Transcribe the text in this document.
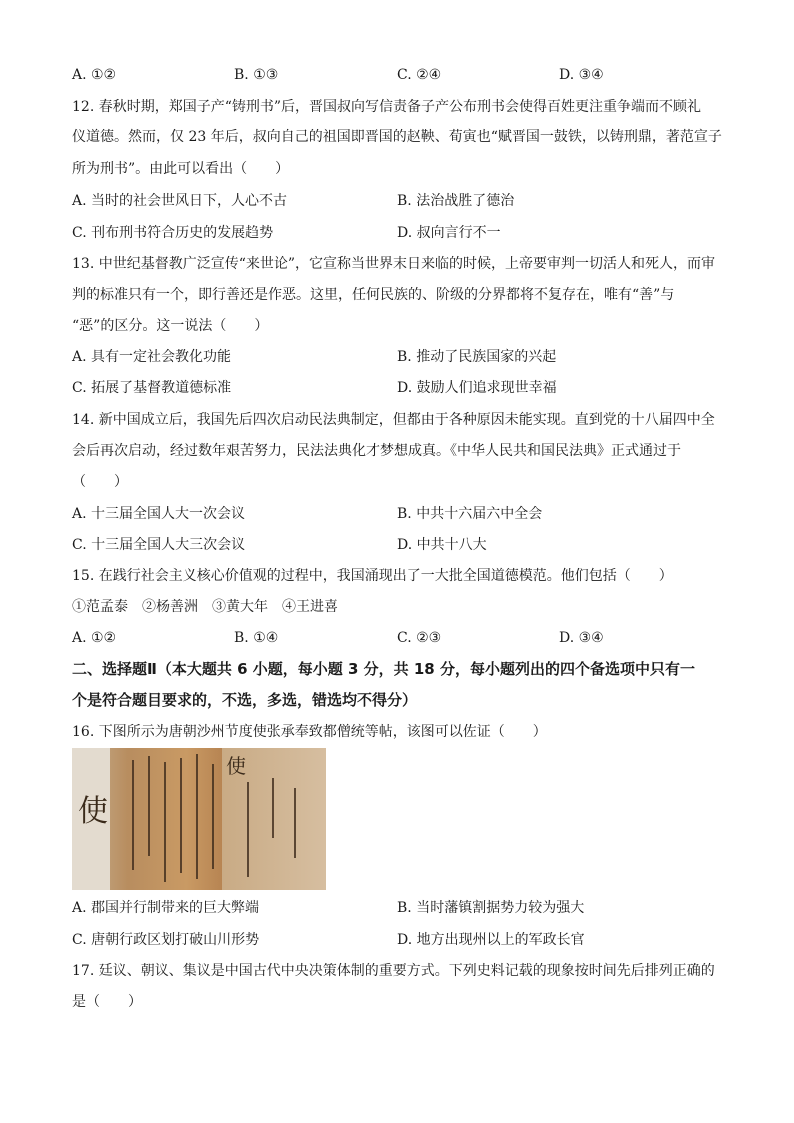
A. ①②	B. ①③	C. ②④	D. ③④
12. 春秋时期，郑国子产“铸刑书”后，晋国叔向写信责备子产公布刑书会使得百姓更注重争端而不顾礼
仪道德。然而，仅 23 年后，叔向自己的祖国即晋国的赵鞅、荀寅也“赋晋国一鼓铁，以铸刑鼎，著范宣子
所为刑书”。由此可以看出（　　）
A. 当时的社会世风日下，人心不古	B. 法治战胜了德治
C. 刊布刑书符合历史的发展趋势	D. 叔向言行不一
13. 中世纪基督教广泛宣传“来世论”，它宣称当世界末日来临的时候，上帝要审判一切活人和死人，而审
判的标准只有一个，即行善还是作恶。这里，任何民族的、阶级的分界都将不复存在，唯有“善”与
“恶”的区分。这一说法（　　）
A. 具有一定社会教化功能	B. 推动了民族国家的兴起
C. 拓展了基督教道德标准	D. 鼓励人们追求现世幸福
14. 新中国成立后，我国先后四次启动民法典制定，但都由于各种原因未能实现。直到党的十八届四中全
会后再次启动，经过数年艰苦努力，民法法典化才梦想成真。《中华人民共和国民法典》正式通过于
（　　）
A. 十三届全国人大一次会议	B. 中共十六届六中全会
C. 十三届全国人大三次会议	D. 中共十八大
15. 在践行社会主义核心价值观的过程中，我国涌现出了一大批全国道德模范。他们包括（　　）
①范孟泰　②杨善洲　③黄大年　④王进喜
A. ①②	B. ①④	C. ②③	D. ③④
二、选择题Ⅱ（本大题共 6 小题，每小题 3 分，共 18 分，每小题列出的四个备选项中只有一
个是符合题目要求的，不选，多选，错选均不得分）
16. 下图所示为唐朝沙州节度使张承奉致都僧统等帖，该图可以佐证（　　）
使
使
A. 郡国并行制带来的巨大弊端	B. 当时藩镇割据势力较为强大
C. 唐朝行政区划打破山川形势	D. 地方出现州以上的军政长官
17. 廷议、朝议、集议是中国古代中央决策体制的重要方式。下列史料记载的现象按时间先后排列正确的
是（　　）
